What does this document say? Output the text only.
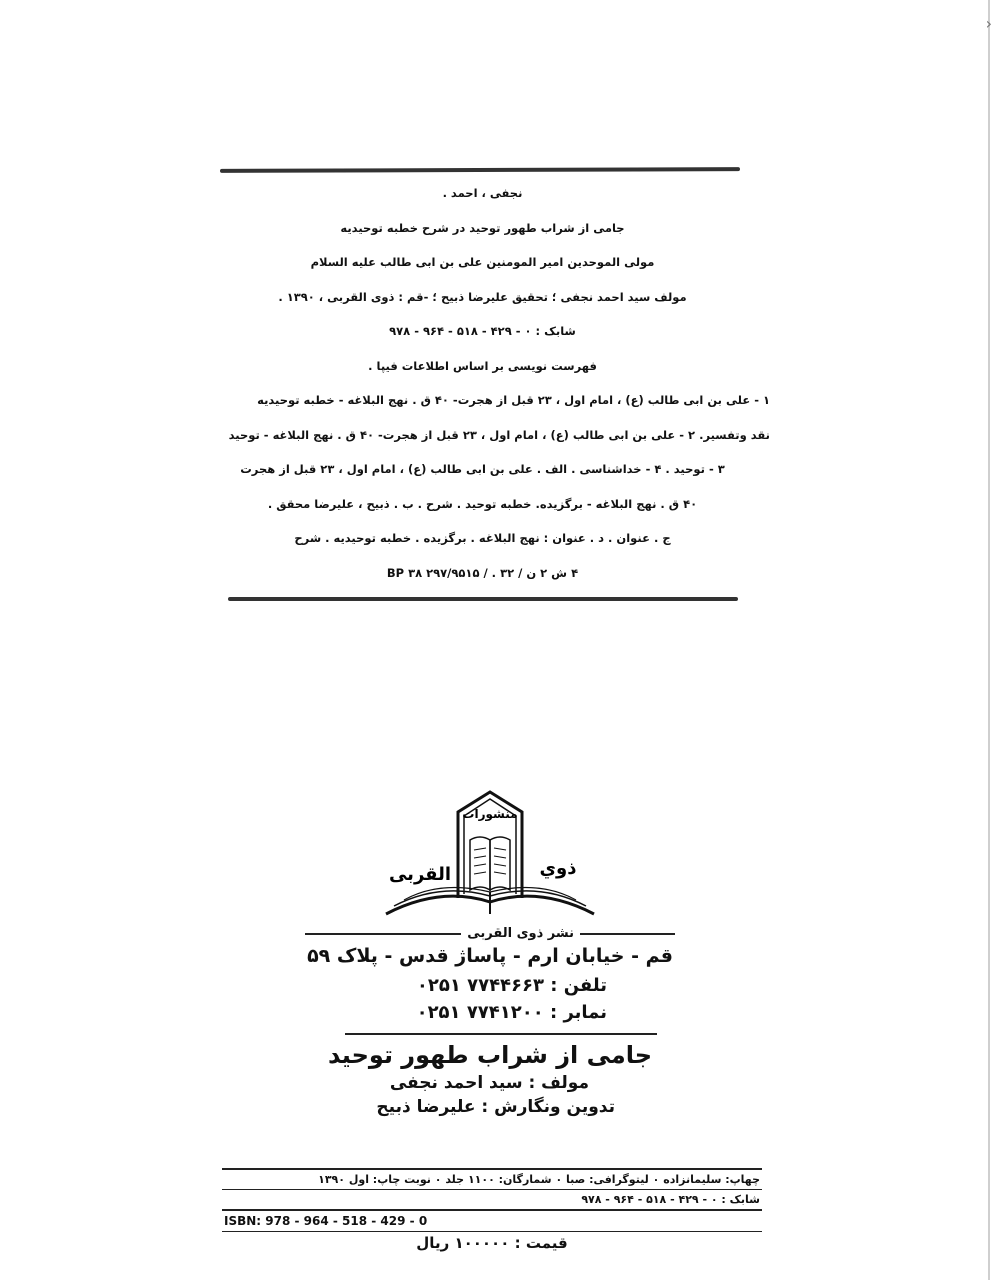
›
نجفی ، احمد .
جامی از شراب طهور توحید در شرح خطبه توحیدیه
مولی الموحدین امیر المومنین علی بن ابی طالب علیه السلام
مولف سید احمد نجفی ؛ تحقیق علیرضا ذبیح ؛ -قم : ذوی القربی ، ۱۳۹۰ .
شابک : ۰ - ۴۲۹ - ۵۱۸ - ۹۶۴ - ۹۷۸
فهرست نویسی بر اساس اطلاعات فیپا .
۱ - علی بن ابی طالب (ع) ، امام اول ، ۲۳ قبل از هجرت- ۴۰ ق . نهج البلاغه - خطبه توحیدیه
نقد وتفسیر. ۲ - علی بن ابی طالب (ع) ، امام اول ، ۲۳ قبل از هجرت- ۴۰ ق . نهج البلاغه - توحید
۳ - توحید . ۴ - خداشناسی . الف . علی بن ابی طالب (ع) ، امام اول ، ۲۳ قبل از هجرت
۴۰ ق . نهج البلاغه - برگزیده. خطبه توحید . شرح . ب . ذبیح ، علیرضا محقق .
ج . عنوان . د . عنوان : نهج البلاغه . برگزیده . خطبه توحیدیه . شرح
۴ ش ۲ ن / ۳۲ . / BP ۳۸ ۲۹۷/۹۵۱۵
منشورات
ذوي
القربى
نشر ذوی القربی
قم - خیابان ارم - پاساژ قدس - پلاک ۵۹
تلفن : ۷۷۴۴۶۶۳ ۰۲۵۱
نمابر : ۷۷۴۱۲۰۰ ۰۲۵۱
جامی از شراب طهور توحید
مولف : سید احمد نجفی
تدوین ونگارش : علیرضا ذبیح
چهاپ: سلیمانزاده ۰ لیتوگرافی: صبا ۰ شمارگان: ۱۱۰۰ جلد ۰ نوبت چاپ: اول ۱۳۹۰
شابک : ۰ - ۴۲۹ - ۵۱۸ - ۹۶۴ - ۹۷۸
ISBN: 978 - 964 - 518 - 429 - 0
قیمت : ۱۰۰۰۰۰ ریال
